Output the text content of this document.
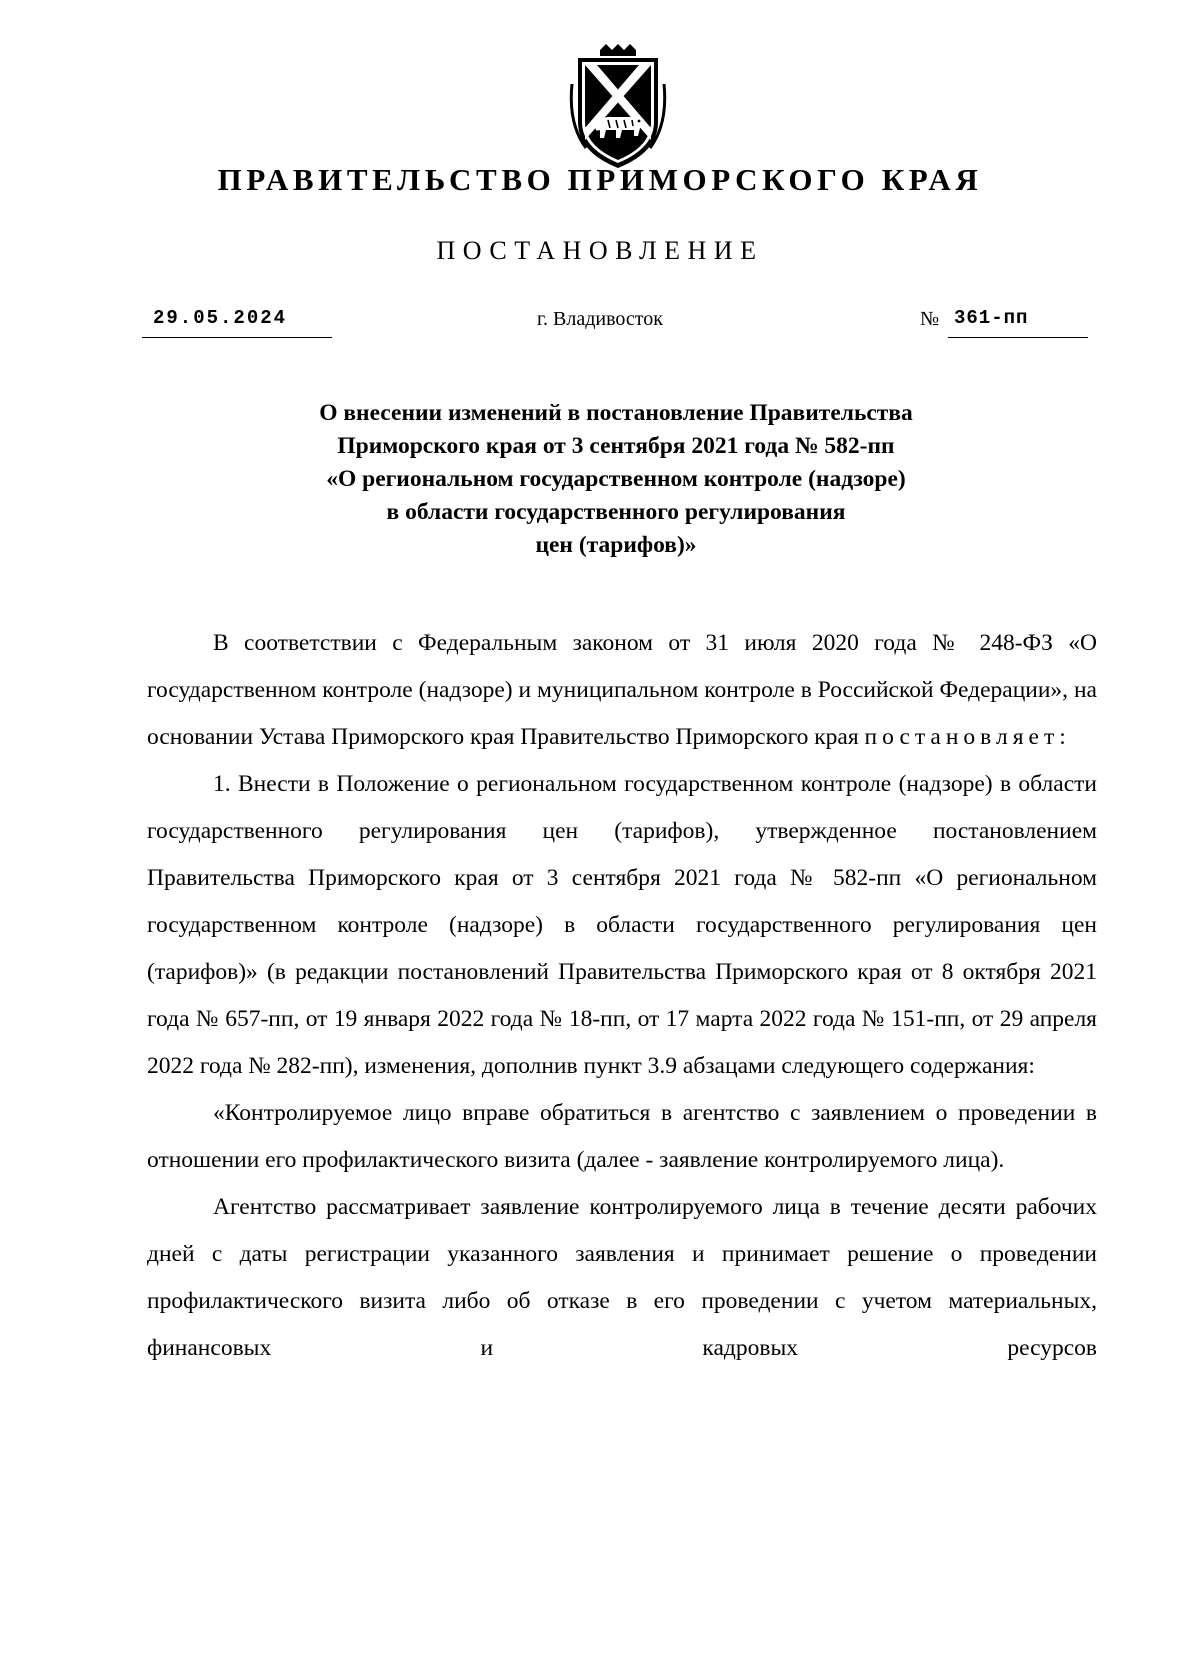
ПРАВИТЕЛЬСТВО ПРИМОРСКОГО КРАЯ
ПОСТАНОВЛЕНИЕ
29.05.2024	г. Владивосток	№ 361-пп
О внесении изменений в постановление Правительства
Приморского края от 3 сентября 2021 года № 582-пп
«О региональном государственном контроле (надзоре)
в области государственного регулирования
цен (тарифов)»

В соответствии с Федеральным законом от 31 июля 2020 года № 248-ФЗ «О государственном контроле (надзоре) и муниципальном контроле в Российской Федерации», на основании Устава Приморского края Правительство Приморского края постановляет:

1. Внести в Положение о региональном государственном контроле (надзоре) в области государственного регулирования цен (тарифов), утвержденное постановлением Правительства Приморского края от 3 сентября 2021 года № 582-пп «О региональном государственном контроле (надзоре) в области государственного регулирования цен (тарифов)» (в редакции постановлений Правительства Приморского края от 8 октября 2021 года № 657-пп, от 19 января 2022 года № 18-пп, от 17 марта 2022 года № 151-пп, от 29 апреля 2022 года № 282-пп), изменения, дополнив пункт 3.9 абзацами следующего содержания:

«Контролируемое лицо вправе обратиться в агентство с заявлением о проведении в отношении его профилактического визита (далее - заявление контролируемого лица).

Агентство рассматривает заявление контролируемого лица в течение десяти рабочих дней с даты регистрации указанного заявления и принимает решение о проведении профилактического визита либо об отказе в его проведении с учетом материальных, финансовых и кадровых ресурсов
